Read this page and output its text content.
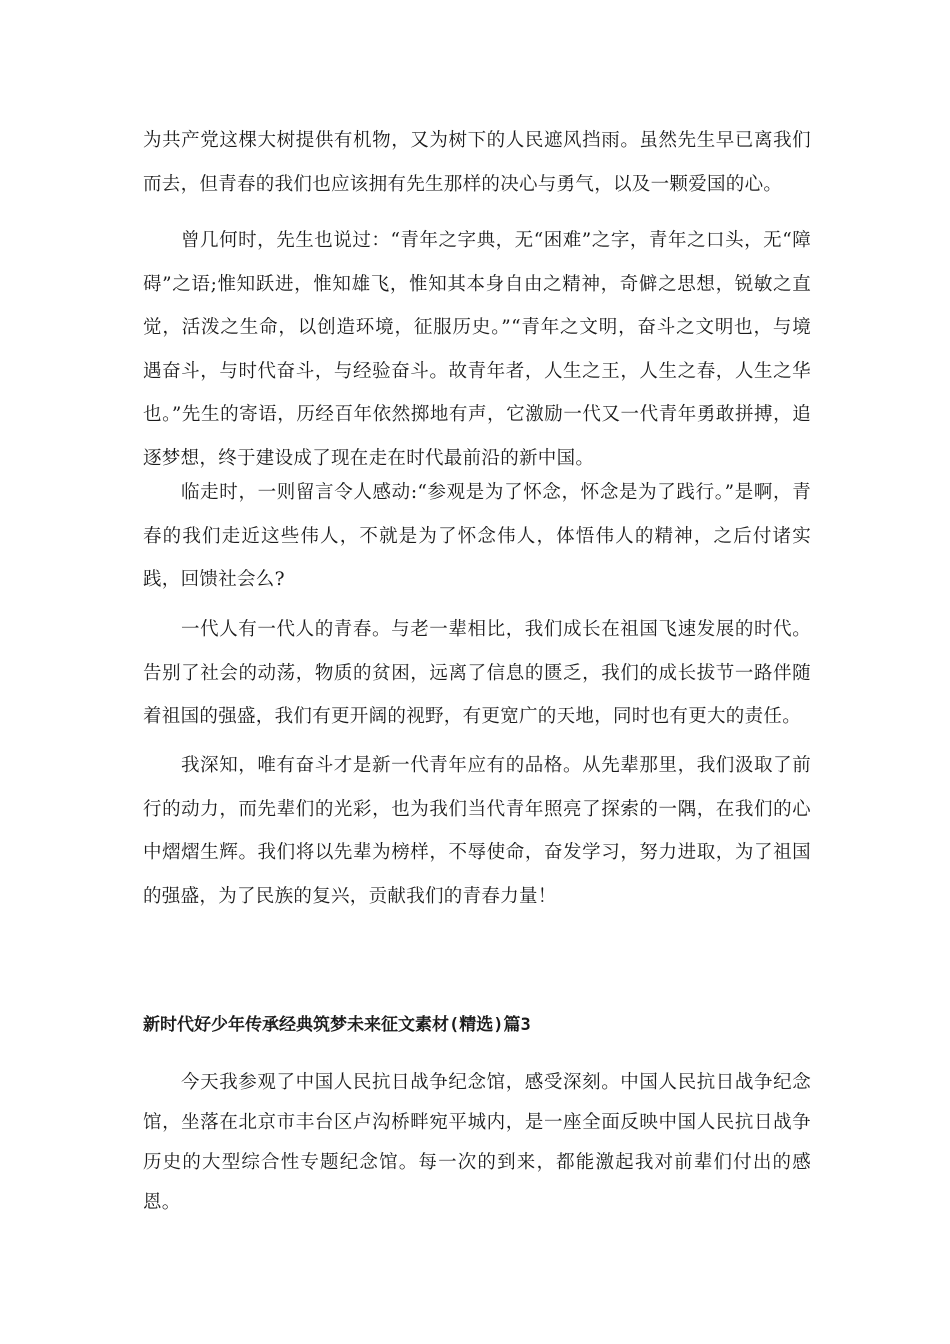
为共产党这棵大树提供有机物，又为树下的人民遮风挡雨。虽然先生早已离我们而去，但青春的我们也应该拥有先生那样的决心与勇气，以及一颗爱国的心。

曾几何时，先生也说过：“青年之字典，无“困难”之字，青年之口头，无“障碍”之语;惟知跃进，惟知雄飞，惟知其本身自由之精神，奇僻之思想，锐敏之直觉，活泼之生命，以创造环境，征服历史。”“青年之文明，奋斗之文明也，与境遇奋斗，与时代奋斗，与经验奋斗。故青年者，人生之王，人生之春，人生之华也。”先生的寄语，历经百年依然掷地有声，它激励一代又一代青年勇敢拼搏，追逐梦想，终于建设成了现在走在时代最前沿的新中国。

临走时，一则留言令人感动:“参观是为了怀念，怀念是为了践行。”是啊，青春的我们走近这些伟人，不就是为了怀念伟人，体悟伟人的精神，之后付诸实践，回馈社会么?

一代人有一代人的青春。与老一辈相比，我们成长在祖国飞速发展的时代。告别了社会的动荡，物质的贫困，远离了信息的匮乏，我们的成长拔节一路伴随着祖国的强盛，我们有更开阔的视野，有更宽广的天地，同时也有更大的责任。

我深知，唯有奋斗才是新一代青年应有的品格。从先辈那里，我们汲取了前行的动力，而先辈们的光彩，也为我们当代青年照亮了探索的一隅，在我们的心中熠熠生辉。我们将以先辈为榜样，不辱使命，奋发学习，努力进取，为了祖国的强盛，为了民族的复兴，贡献我们的青春力量！

新时代好少年传承经典筑梦未来征文素材(精选)篇3

今天我参观了中国人民抗日战争纪念馆，感受深刻。中国人民抗日战争纪念馆，坐落在北京市丰台区卢沟桥畔宛平城内，是一座全面反映中国人民抗日战争历史的大型综合性专题纪念馆。每一次的到来，都能激起我对前辈们付出的感恩。
